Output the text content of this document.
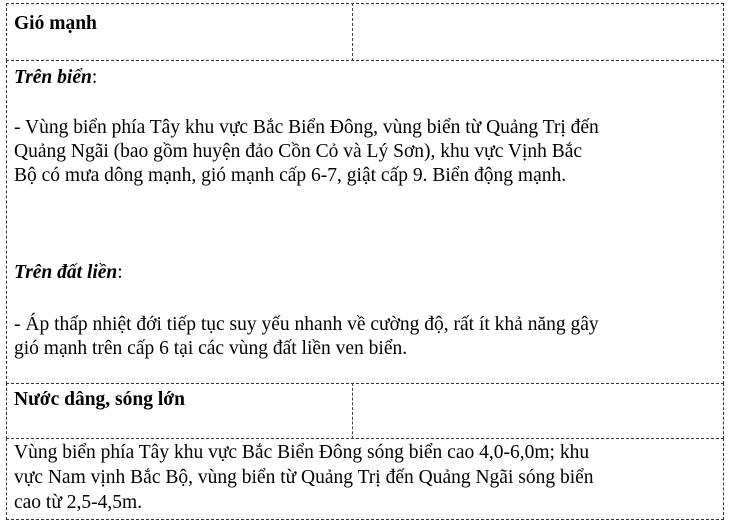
Gió mạnh
Trên biển:
- Vùng biển phía Tây khu vực Bắc Biển Đông, vùng biển từ Quảng Trị đến
Quảng Ngãi (bao gồm huyện đảo Cồn Cỏ và Lý Sơn), khu vực Vịnh Bắc
Bộ có mưa dông mạnh, gió mạnh cấp 6-7, giật cấp 9. Biển động mạnh.
Trên đất liền:
- Áp thấp nhiệt đới tiếp tục suy yếu nhanh về cường độ, rất ít khả năng gây
gió mạnh trên cấp 6 tại các vùng đất liền ven biển.
Nước dâng, sóng lớn
Vùng biển phía Tây khu vực Bắc Biển Đông sóng biển cao 4,0-6,0m; khu
vực Nam vịnh Bắc Bộ, vùng biển từ Quảng Trị đến Quảng Ngãi sóng biển
cao từ 2,5-4,5m.
